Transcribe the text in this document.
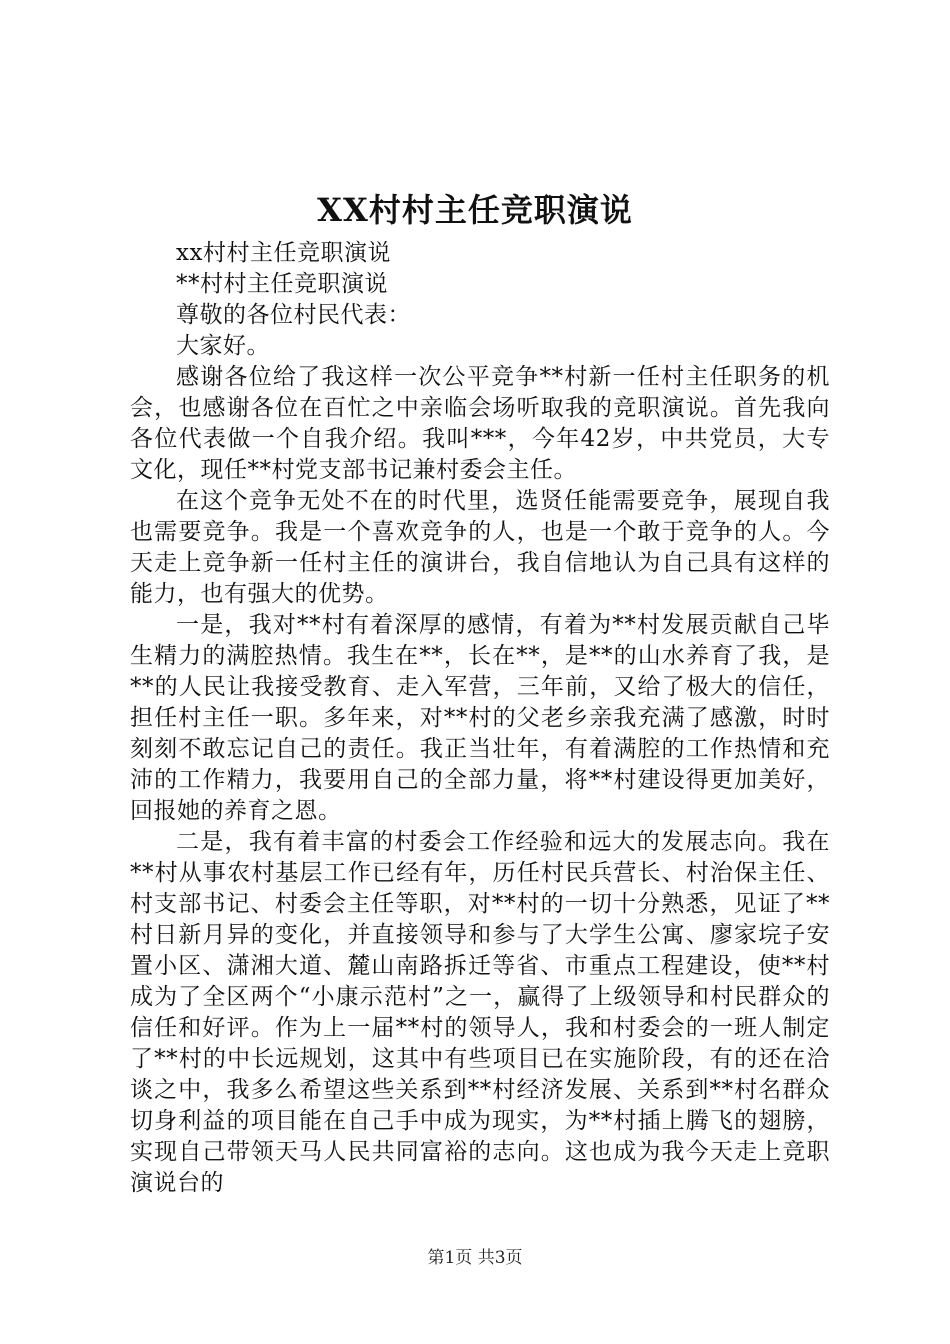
XX村村主任竞职演说

xx村村主任竞职演说

**村村主任竞职演说

尊敬的各位村民代表：

大家好。

感谢各位给了我这样一次公平竞争**村新一任村主任职务的机会，也感谢各位在百忙之中亲临会场听取我的竞职演说。首先我向各位代表做一个自我介绍。我叫***，今年42岁，中共党员，大专文化，现任**村党支部书记兼村委会主任。

在这个竞争无处不在的时代里，选贤任能需要竞争，展现自我也需要竞争。我是一个喜欢竞争的人，也是一个敢于竞争的人。今天走上竞争新一任村主任的演讲台，我自信地认为自己具有这样的能力，也有强大的优势。

一是，我对**村有着深厚的感情，有着为**村发展贡献自己毕生精力的满腔热情。我生在**，长在**，是**的山水养育了我，是**的人民让我接受教育、走入军营，三年前，又给了极大的信任，担任村主任一职。多年来，对**村的父老乡亲我充满了感激，时时刻刻不敢忘记自己的责任。我正当壮年，有着满腔的工作热情和充沛的工作精力，我要用自己的全部力量，将**村建设得更加美好，回报她的养育之恩。

二是，我有着丰富的村委会工作经验和远大的发展志向。我在**村从事农村基层工作已经有年，历任村民兵营长、村治保主任、村支部书记、村委会主任等职，对**村的一切十分熟悉，见证了**村日新月异的变化，并直接领导和参与了大学生公寓、廖家垸子安置小区、潇湘大道、麓山南路拆迁等省、市重点工程建设，使**村成为了全区两个“小康示范村”之一，赢得了上级领导和村民群众的信任和好评。作为上一届**村的领导人，我和村委会的一班人制定了**村的中长远规划，这其中有些项目已在实施阶段，有的还在洽谈之中，我多么希望这些关系到**村经济发展、关系到**村名群众切身利益的项目能在自己手中成为现实，为**村插上腾飞的翅膀，实现自己带领天马人民共同富裕的志向。这也成为我今天走上竞职演说台的

第1页 共3页
